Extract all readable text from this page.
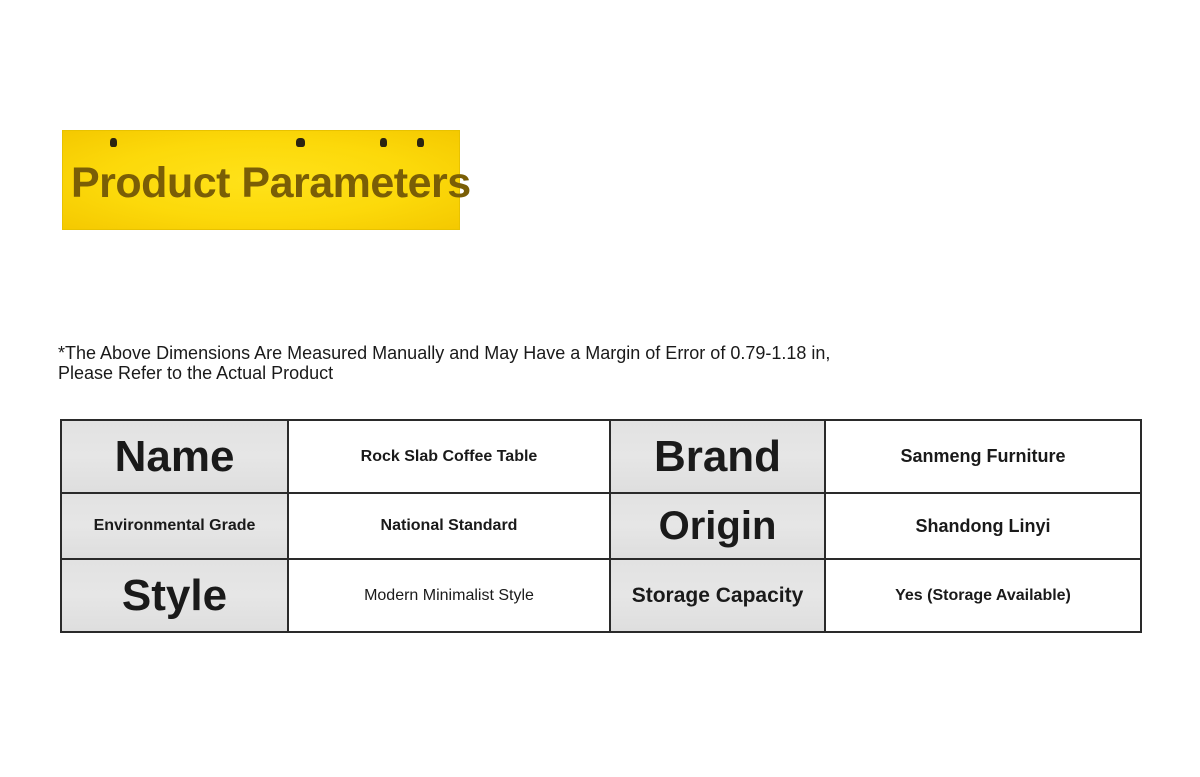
Product Parameters
*The Above Dimensions Are Measured Manually and May Have a Margin of Error of 0.79-1.18 in,
Please Refer to the Actual Product
Name	Rock Slab Coffee Table	Brand	Sanmeng Furniture
Environmental Grade	National Standard	Origin	Shandong Linyi
Style	Modern Minimalist Style	Storage Capacity	Yes (Storage Available)
